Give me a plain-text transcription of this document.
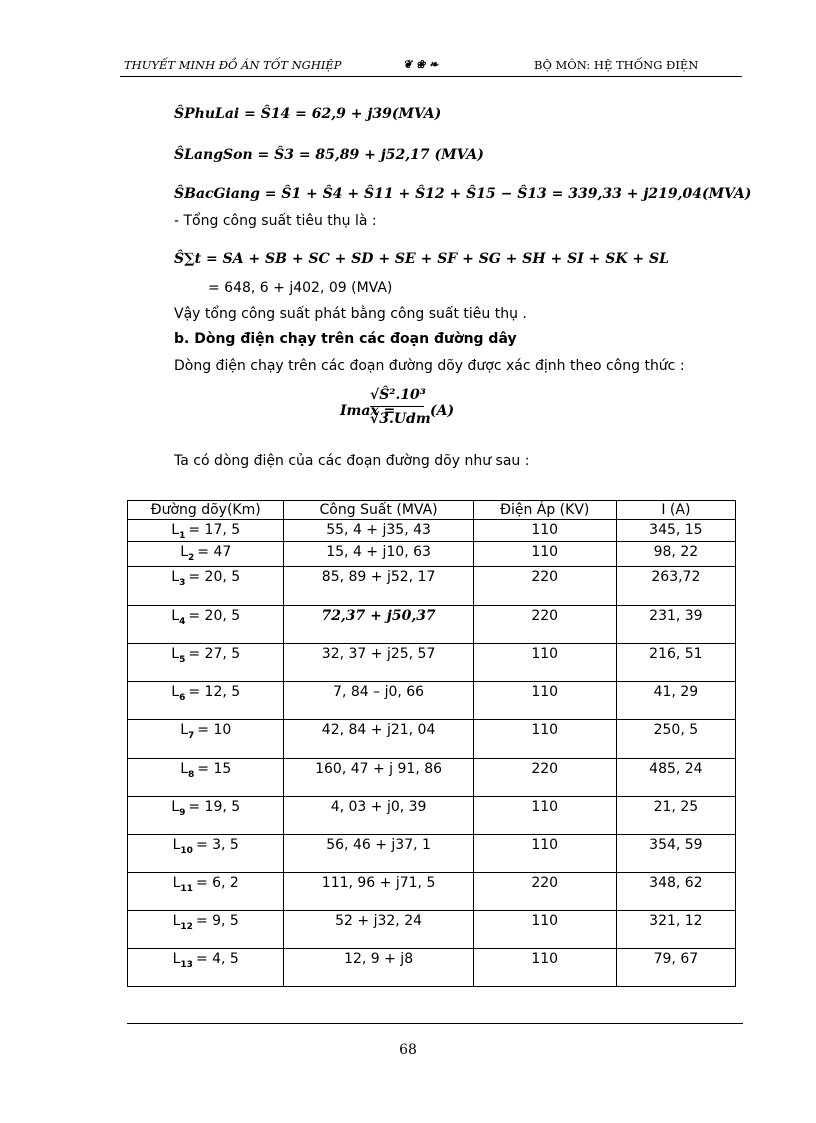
THUYẾT MINH ĐỒ ÁN TỐT NGHIỆP	❦ ❀ ❧	BỘ MÔN: HỆ THỐNG ĐIỆN
ŜPhuLai = Ŝ14 = 62,9 + j39(MVA)
ŜLangSon = Ŝ3 = 85,89 + j52,17 (MVA)
ŜBacGiang = Ŝ1 + Ŝ4 + Ŝ11 + Ŝ12 + Ŝ15 − Ŝ13 = 339,33 + j219,04(MVA)
- Tổng công suất tiêu thụ là :
Ŝ∑t = SA + SB + SC + SD + SE + SF + SG + SH + SI + SK + SL
= 648, 6 + j402, 09 (MVA)
Vậy tổng công suất phát bằng công suất tiêu thụ .
b. Dòng điện chạy trên các đoạn đường dây
Dòng điện chạy trên các đoạn đường dõy được xác định theo công thức :
Imax =
√Ŝ².10³
√3.Udm (A)
Ta có dòng điện của các đoạn đường dõy như sau :
Đường dõy(Km)	Công Suất (MVA)	Điện Áp (KV)	I (A)
$L_1 = 17$, 5	55, 4 + j35, 43	110	345, 15
$L_2 = 47$	15, 4 + j10, 63	110	98, 22
$L_3 = 20$, 5	85, 89 + j52, 17	220	263,72
$L_4 = 20$, 5	72,37 + j50,37	220	231, 39
$L_5 = 27$, 5	32, 37 + j25, 57	110	216, 51
$L_6 = 12$, 5	7, 84 – j0, 66	110	41, 29
$L_7 = 10$	42, 84 + j21, 04	110	250, 5
$L_8 = 15$	160, 47 + j 91, 86	220	485, 24
$L_9 = 19$, 5	4, 03 + j0, 39	110	21, 25
$L_{10} = 3$, 5	56, 46 + j37, 1	110	354, 59
$L_{11} = 6$, 2	111, 96 + j71, 5	220	348, 62
$L_{12} = 9$, 5	52 + j32, 24	110	321, 12
$L_{13} = 4$, 5	12, 9 + j8	110	79, 67
68
